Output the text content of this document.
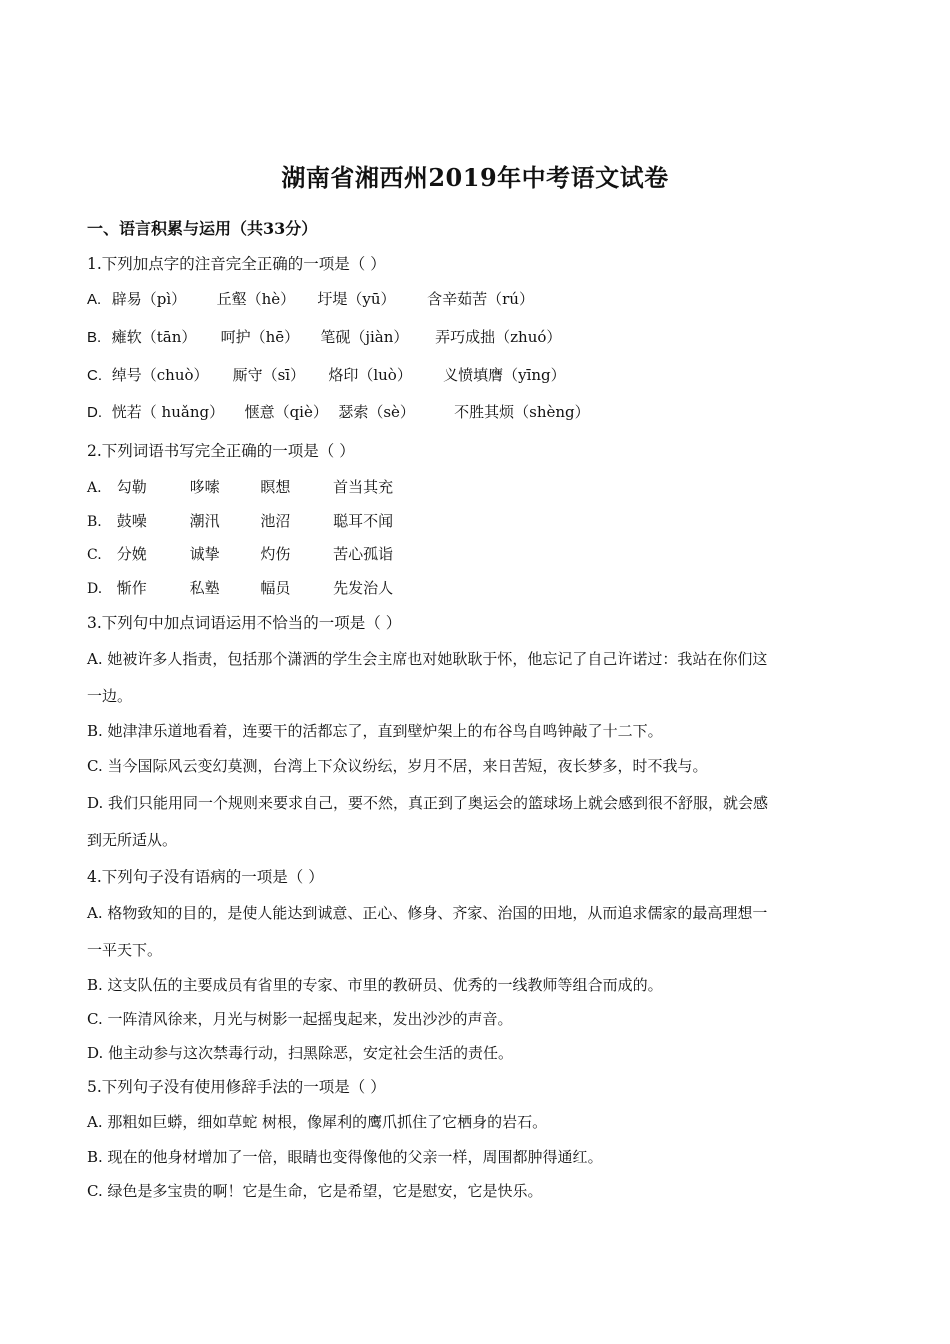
湖南省湘西州2019年中考语文试卷
一、语言积累与运用（共33分）
1.下列加点字的注音完全正确的一项是（ ）
A. 辟易（pì） 丘壑（hè） 圩堤（yū） 含辛茹苦（rú）
B. 瘫软（tān） 呵护（hē） 笔砚（jiàn） 弄巧成拙（zhuó）
C. 绰号（chuò） 厮守（sī） 烙印（luò） 义愤填膺（yīng）
D. 恍若（ huǎng） 惬意（qiè） 瑟索（sè）	不胜其烦（shèng）
2.下列词语书写完全正确的一项是（ ）
A. 勾勒	哆嗦	瞑想	首当其充
B. 鼓噪	潮汛	池沼	聪耳不闻
C. 分娩	诚挚	灼伤	苦心孤诣
D. 惭作	私塾	幅员	先发治人
3.下列句中加点词语运用不恰当的一项是（ ）
A. 她被许多人指责，包括那个潇洒的学生会主席也对她耿耿于怀，他忘记了自己许诺过：我站在你们这
一边。
B. 她津津乐道地看着，连要干的活都忘了，直到壁炉架上的布谷鸟自鸣钟敲了十二下。
C. 当今国际风云变幻莫测，台湾上下众议纷纭，岁月不居，来日苦短，夜长梦多，时不我与。
D. 我们只能用同一个规则来要求自己，要不然，真正到了奥运会的篮球场上就会感到很不舒服，就会感
到无所适从。
4.下列句子没有语病的一项是（ ）
A. 格物致知的目的，是使人能达到诚意、正心、修身、齐家、治国的田地，从而追求儒家的最高理想一
一平天下。
B. 这支队伍的主要成员有省里的专家、市里的教研员、优秀的一线教师等组合而成的。
C. 一阵清风徐来，月光与树影一起摇曳起来，发出沙沙的声音。
D. 他主动参与这次禁毒行动，扫黑除恶，安定社会生活的责任。
5.下列句子没有使用修辞手法的一项是（ ）
A. 那粗如巨蟒，细如草蛇 树根，像犀利的鹰爪抓住了它栖身的岩石。
B. 现在的他身材增加了一倍，眼睛也变得像他的父亲一样，周围都肿得通红。
C. 绿色是多宝贵的啊！它是生命，它是希望，它是慰安，它是快乐。
